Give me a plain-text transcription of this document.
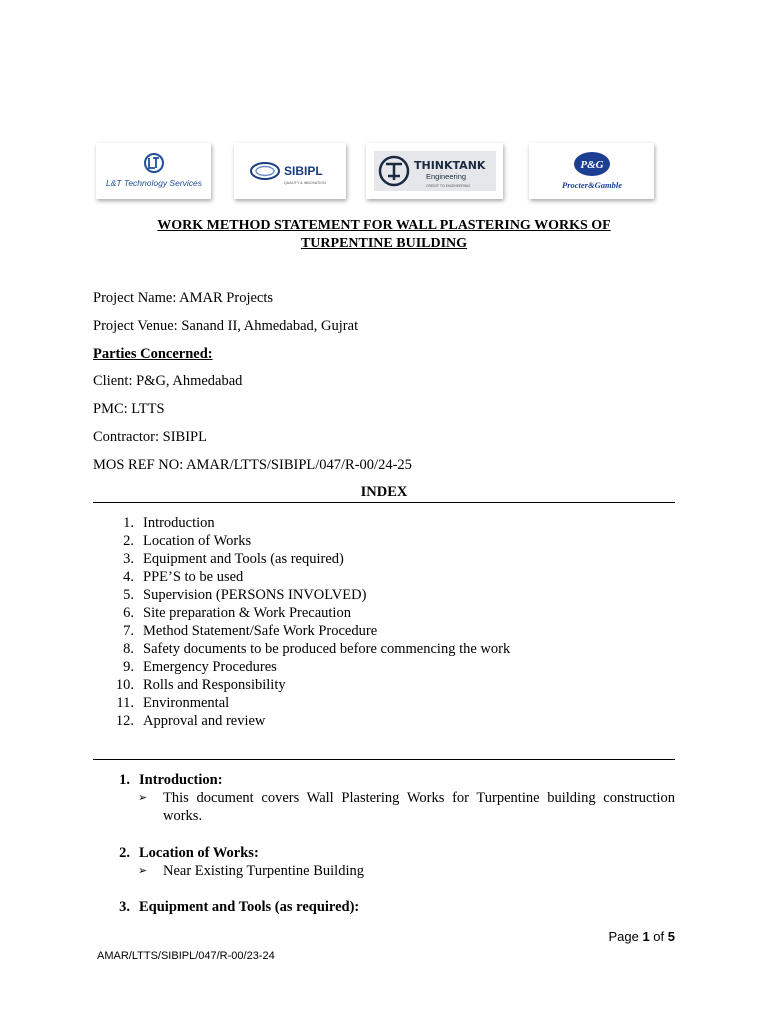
L&T Technology Services
SIBIPL
QUALITY & INNOVATION
THINKTANK
Engineering
CREDIT TO ENGINEERING
P&G
Procter&Gamble
WORK METHOD STATEMENT FOR WALL PLASTERING WORKS OF
TURPENTINE BUILDING
Project Name: AMAR Projects
Project Venue: Sanand II, Ahmedabad, Gujrat
Parties Concerned:
Client: P&G, Ahmedabad
PMC: LTTS
Contractor: SIBIPL
MOS REF NO: AMAR/LTTS/SIBIPL/047/R-00/24-25
INDEX
1. Introduction
2. Location of Works
3. Equipment and Tools (as required)
4. PPE’S to be used
5. Supervision (PERSONS INVOLVED)
6. Site preparation & Work Precaution
7. Method Statement/Safe Work Procedure
8. Safety documents to be produced before commencing the work
9. Emergency Procedures
10. Rolls and Responsibility
11. Environmental
12. Approval and review
1. Introduction:
➢ This document covers Wall Plastering Works for Turpentine building construction works.
2. Location of Works:
➢ Near Existing Turpentine Building
3. Equipment and Tools (as required):
Page 1 of 5
AMAR/LTTS/SIBIPL/047/R-00/23-24
